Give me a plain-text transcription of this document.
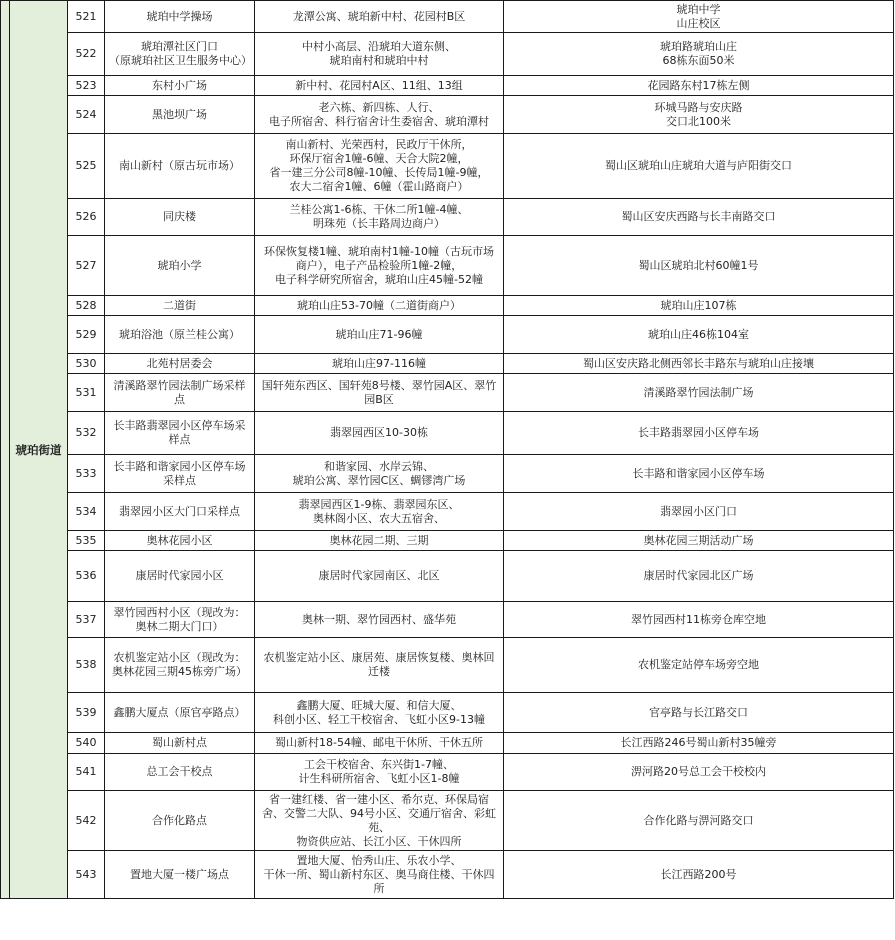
	琥珀街道	521	琥珀中学操场	龙潭公寓、琥珀新中村、花园村B区	琥珀中学
山庄校区
		522	琥珀潭社区门口
（原琥珀社区卫生服务中心）	中村小高层、沿琥珀大道东侧、
琥珀南村和琥珀中村	琥珀路琥珀山庄
68栋东面50米
		523	东村小广场	新中村、花园村A区、11组、13组	花园路东村17栋左侧
		524	黑池坝广场	老六栋、新四栋、人行、
电子所宿舍、科行宿舍计生委宿舍、琥珀潭村	环城马路与安庆路
交口北100米
		525	南山新村（原古玩市场）	南山新村、光荣西村，民政厅干休所，
环保厅宿舍1幢-6幢、天合大院2幢，
省一建三分公司8幢-10幢、长传局1幢-9幢，
农大二宿舍1幢、6幢（霍山路商户）	蜀山区琥珀山庄琥珀大道与庐阳街交口
		526	同庆楼	兰桂公寓1-6栋、干休二所1幢-4幢、
明珠苑（长丰路周边商户）	蜀山区安庆西路与长丰南路交口
		527	琥珀小学	环保恢复楼1幢、琥珀南村1幢-10幢（古玩市场商户），电子产品检验所1幢-2幢，
电子科学研究所宿舍，琥珀山庄45幢-52幢	蜀山区琥珀北村60幢1号
		528	二道街	琥珀山庄53-70幢（二道街商户）	琥珀山庄107栋
		529	琥珀浴池（原兰桂公寓）	琥珀山庄71-96幢	琥珀山庄46栋104室
		530	北苑村居委会	琥珀山庄97-116幢	蜀山区安庆路北侧西邻长丰路东与琥珀山庄接壤
		531	清溪路翠竹园法制广场采样点	国轩苑东西区、国轩苑8号楼、翠竹园A区、翠竹园B区	清溪路翠竹园法制广场
		532	长丰路翡翠园小区停车场采样点	翡翠园西区10-30栋	长丰路翡翠园小区停车场
		533	长丰路和谐家园小区停车场采样点	和谐家园、水岸云锦、
琥珀公寓、翠竹园C区、蜩镠湾广场	长丰路和谐家园小区停车场
		534	翡翠园小区大门口采样点	翡翠园西区1-9栋、翡翠园东区、
奥林阁小区、农大五宿舍、	翡翠园小区门口
		535	奥林花园小区	奥林花园二期、三期	奥林花园三期活动广场
		536	康居时代家园小区	康居时代家园南区、北区	康居时代家园北区广场
		537	翠竹园西村小区（现改为：奥林二期大门口）	奥林一期、翠竹园西村、盛华苑	翠竹园西村11栋旁仓库空地
		538	农机鉴定站小区（现改为：奥林花园三期45栋旁广场）	农机鉴定站小区、康居苑、康居恢复楼、奥林回迁楼	农机鉴定站停车场旁空地
		539	鑫鹏大厦点（原官亭路点）	鑫鹏大厦、旺城大厦、和信大厦、
科创小区、轻工干校宿舍、飞虹小区9-13幢	官亭路与长江路交口
		540	蜀山新村点	蜀山新村18-54幢、邮电干休所、干休五所	长江西路246号蜀山新村35幢旁
		541	总工会干校点	工会干校宿舍、东兴街1-7幢、
计生科研所宿舍、飞虹小区1-8幢	淠河路20号总工会干校校内
		542	合作化路点	省一建红楼、省一建小区、希尔克、环保局宿舍、交警二大队、94号小区、交通厅宿舍、彩虹苑、
物资供应站、长江小区、干休四所	合作化路与淠河路交口
		543	置地大厦一楼广场点	置地大厦、怡秀山庄、乐农小学、
干休一所、蜀山新村东区、奥马商住楼、干休四所	长江西路200号
